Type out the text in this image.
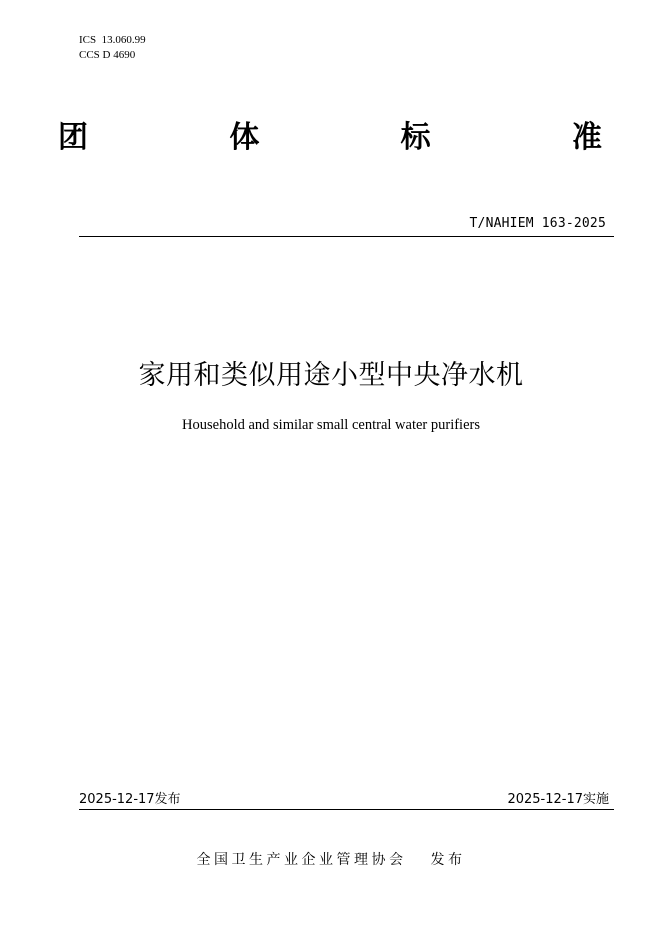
ICS  13.060.99
CCS D 4690
团	体	标	准
T/NAHIEM 163-2025
家用和类似用途小型中央净水机
Household and similar small central water purifiers
2025-12-17发布	2025-12-17实施
全国卫生产业企业管理协会 发布
